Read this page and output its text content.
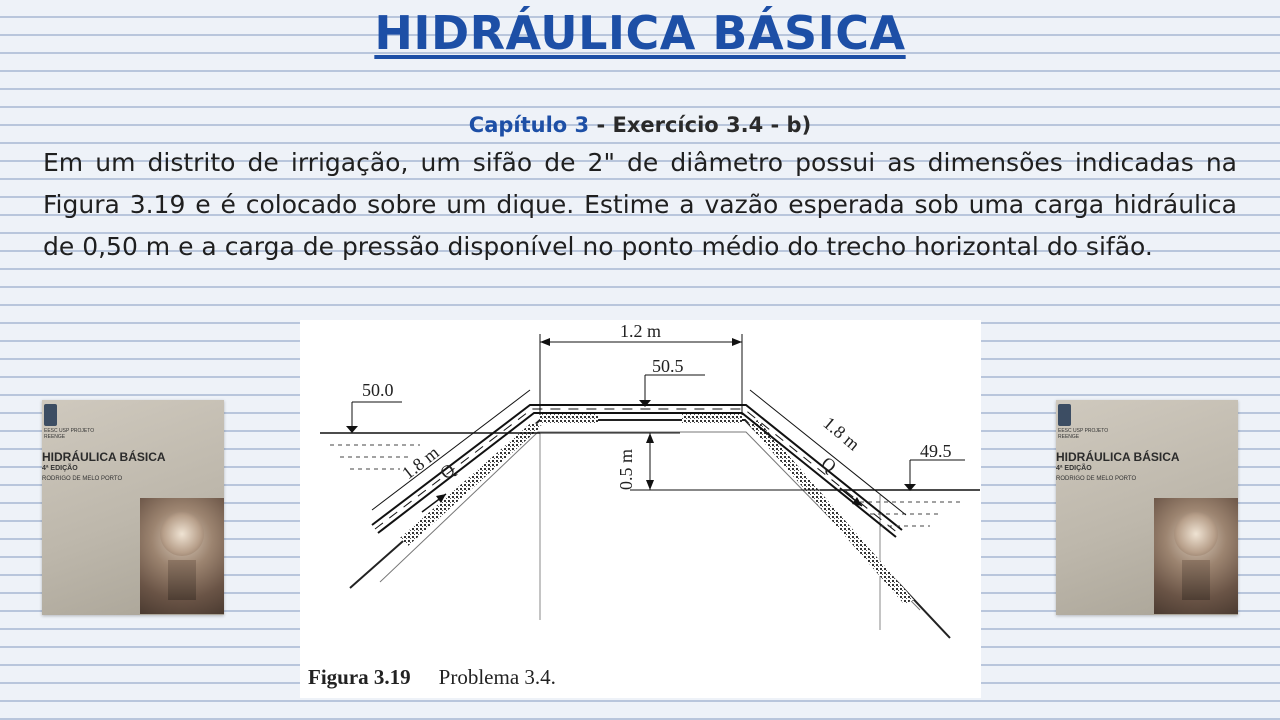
HIDRÁULICA BÁSICA
Capítulo 3 - Exercício 3.4 - b)
Em um distrito de irrigação, um sifão de 2" de diâmetro possui as dimensões indicadas na Figura 3.19 e é colocado sobre um dique. Estime a vazão esperada sob uma carga hidráulica de 0,50 m e a carga de pressão disponível no ponto médio do trecho horizontal do sifão.
EESC USP PROJETO REENGE
HIDRÁULICA BÁSICA
4ª EDIÇÃO
RODRIGO DE MELO PORTO
EESC USP PROJETO REENGE
HIDRÁULICA BÁSICA
4ª EDIÇÃO
RODRIGO DE MELO PORTO
50.0
50.5
49.5
1.2 m
0.5 m
1.8 m
Q
1.8 m
Q
Figura 3.19 Problema 3.4.
